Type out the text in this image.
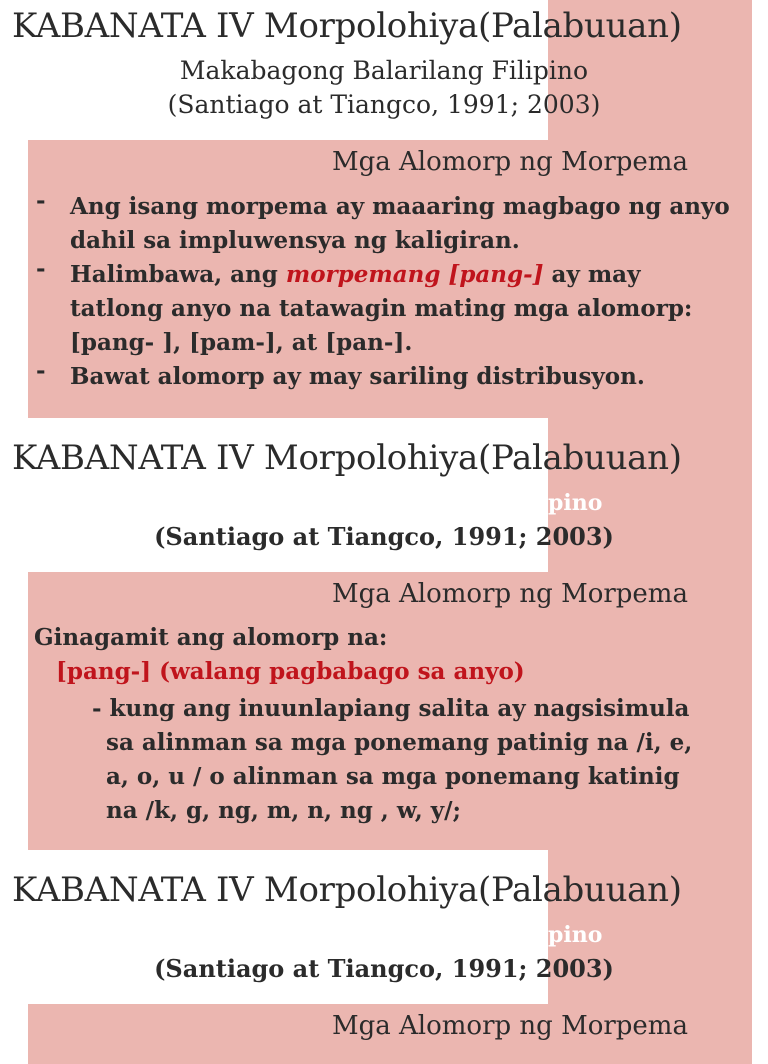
KABANATA IV Morpolohiya(Palabuuan)

Makabagong Balarilang Filipino

(Santiago at Tiangco, 1991; 2003)

Mga Alomorp ng Morpema
- Ang isang morpema ay maaaring magbago ng anyo dahil sa impluwensya ng kaligiran.
- Halimbawa, ang morpemang [pang-] ay may tatlong anyo na tatawagin mating mga alomorp: [pang- ], [pam-], at [pan-].
- Bawat alomorp ay may sariling distribusyon.
KABANATA IV Morpolohiya(Palabuuan)

pino

(Santiago at Tiangco, 1991; 2003)

Mga Alomorp ng Morpema

Ginagamit ang alomorp na:

[pang-] (walang pagbabago sa anyo)

- kung ang inuunlapiang salita ay nagsisimula
sa alinman sa mga ponemang patinig na /i, e,
a, o, u / o alinman sa mga ponemang katinig
na /k, g, ng, m, n, ng , w, y/;
KABANATA IV Morpolohiya(Palabuuan)

pino

(Santiago at Tiangco, 1991; 2003)

Mga Alomorp ng Morpema
